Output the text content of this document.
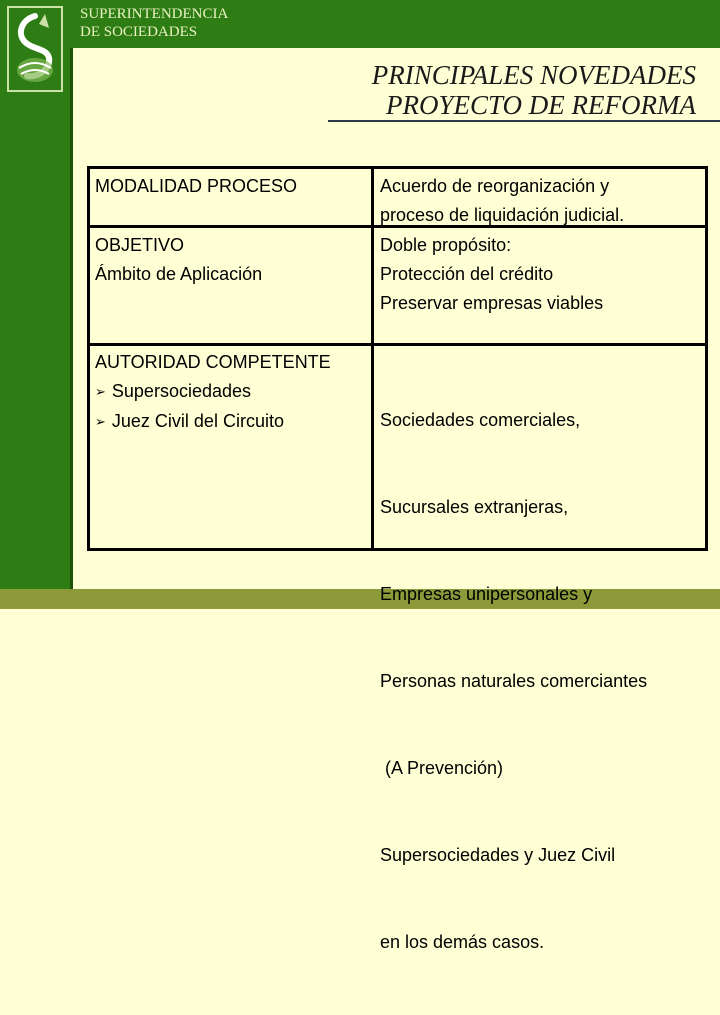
SUPERINTENDENCIA
DE SOCIEDADES
PRINCIPALES NOVEDADES
PROYECTO DE REFORMA
MODALIDAD PROCESO	Acuerdo de reorganización y
proceso de liquidación judicial.
OBJETIVO
Ámbito de Aplicación
Doble propósito:
Protección del crédito
Preservar empresas viables
AUTORIDAD COMPETENTE
➢ Supersociedades
➢ Juez Civil del Circuito

	Sociedades comerciales,

Sucursales extranjeras,

Empresas unipersonales y

Personas naturales comerciantes

(A Prevención)

Supersociedades y Juez Civil

en los demás casos.
